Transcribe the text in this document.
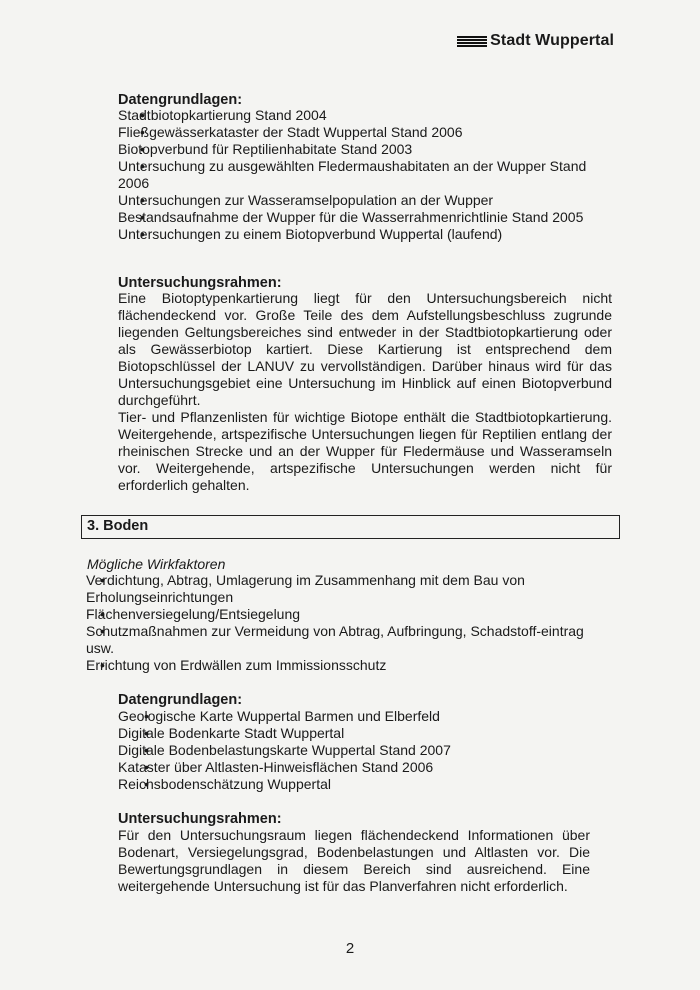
Stadt Wuppertal
Datengrundlagen:
• Stadtbiotopkartierung Stand 2004
• Fließgewässerkataster der Stadt Wuppertal Stand 2006
• Biotopverbund für Reptilienhabitate Stand 2003
• Untersuchung zu ausgewählten Fledermaushabitaten an der Wupper Stand 2006
• Untersuchungen zur Wasseramselpopulation an der Wupper
• Bestandsaufnahme der Wupper für die Wasserrahmenrichtlinie Stand 2005
• Untersuchungen zu einem Biotopverbund Wuppertal (laufend)
Untersuchungsrahmen:
Eine Biotoptypenkartierung liegt für den Untersuchungsbereich nicht flächendeckend vor. Große Teile des dem Aufstellungsbeschluss zugrunde liegenden Geltungsbereiches sind entweder in der Stadtbiotopkartierung oder als Gewässerbiotop kartiert. Diese Kartierung ist entsprechend dem Biotopschlüssel der LANUV zu vervollständigen. Darüber hinaus wird für das Untersuchungsgebiet eine Untersuchung im Hinblick auf einen Biotopverbund durchgeführt.
Tier- und Pflanzenlisten für wichtige Biotope enthält die Stadtbiotopkartierung. Weitergehende, artspezifische Untersuchungen liegen für Reptilien entlang der rheinischen Strecke und an der Wupper für Fledermäuse und Wasseramseln vor. Weitergehende, artspezifische Untersuchungen werden nicht für erforderlich gehalten.
3. Boden
Mögliche Wirkfaktoren
• Verdichtung, Abtrag, Umlagerung im Zusammenhang mit dem Bau von Erholungseinrichtungen
• Flächenversiegelung/Entsiegelung
• Schutzmaßnahmen zur Vermeidung von Abtrag, Aufbringung, Schadstoff-eintrag usw.
• Errichtung von Erdwällen zum Immissionsschutz
Datengrundlagen:
• Geologische Karte Wuppertal Barmen und Elberfeld
• Digitale Bodenkarte Stadt Wuppertal
• Digitale Bodenbelastungskarte Wuppertal Stand 2007
• Kataster über Altlasten-Hinweisflächen Stand 2006
• Reichsbodenschätzung Wuppertal
Untersuchungsrahmen:
Für den Untersuchungsraum liegen flächendeckend Informationen über Bodenart, Versiegelungsgrad, Bodenbelastungen und Altlasten vor. Die Bewertungsgrundlagen in diesem Bereich sind ausreichend. Eine weitergehende Untersuchung ist für das Planverfahren nicht erforderlich.
2
